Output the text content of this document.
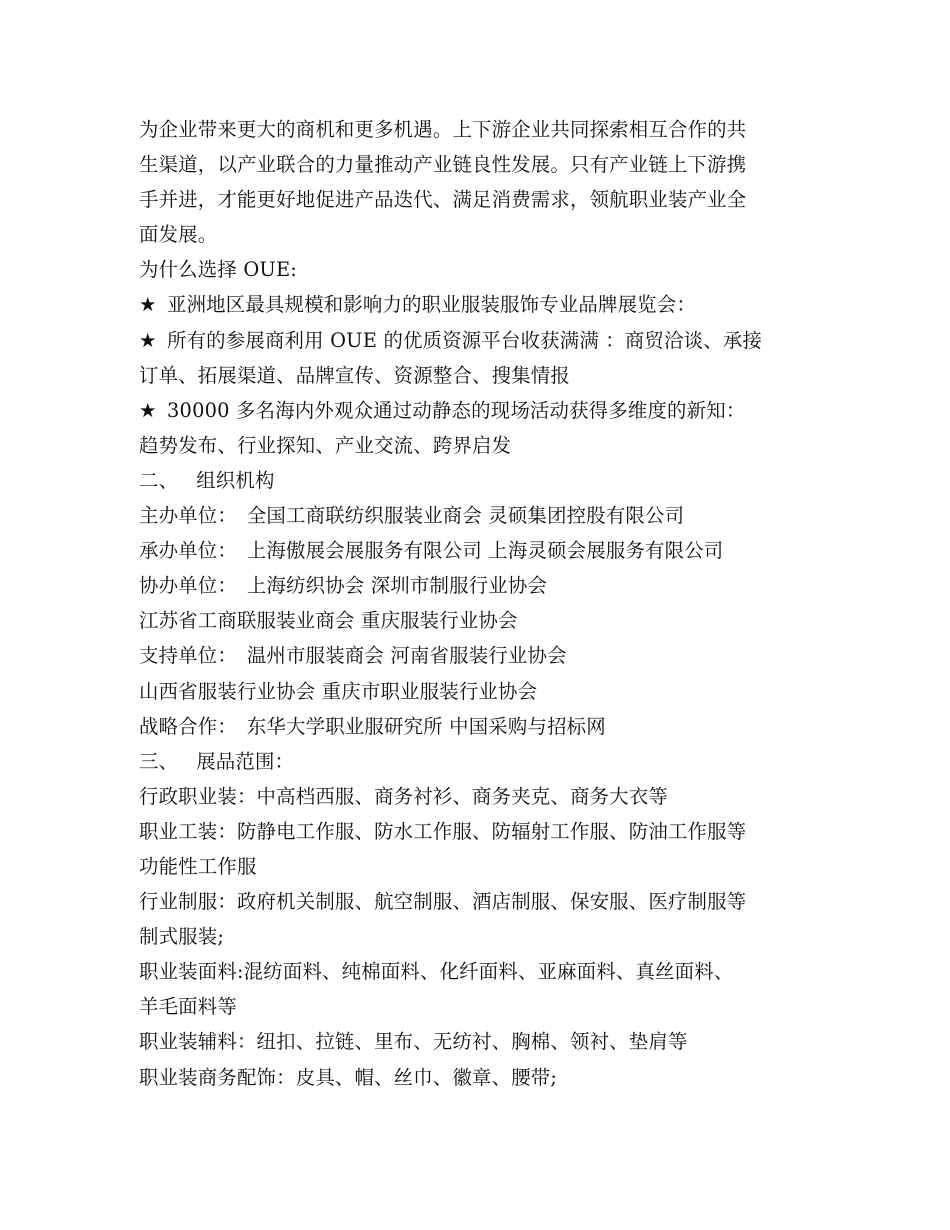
为企业带来更大的商机和更多机遇。上下游企业共同探索相互合作的共
生渠道，以产业联合的力量推动产业链良性发展。只有产业链上下游携
手并进，才能更好地促进产品迭代、满足消费需求，领航职业装产业全
面发展。
为什么选择 OUE:
★ 亚洲地区最具规模和影响力的职业服装服饰专业品牌展览会：
★ 所有的参展商利用 OUE 的优质资源平台收获满满 ：商贸洽谈、承接
订单、拓展渠道、品牌宣传、资源整合、搜集情报
★ 30000 多名海内外观众通过动静态的现场活动获得多维度的新知：
趋势发布、行业探知、产业交流、跨界启发
二、 组织机构
主办单位：　全国工商联纺织服装业商会 灵硕集团控股有限公司
承办单位：　上海傲展会展服务有限公司 上海灵硕会展服务有限公司
协办单位：　上海纺织协会 深圳市制服行业协会
江苏省工商联服装业商会 重庆服装行业协会
支持单位：　温州市服装商会 河南省服装行业协会
山西省服装行业协会 重庆市职业服装行业协会
战略合作：　东华大学职业服研究所 中国采购与招标网
三、 展品范围：
行政职业装：中高档西服、商务衬衫、商务夹克、商务大衣等
职业工装：防静电工作服、防水工作服、防辐射工作服、防油工作服等
功能性工作服
行业制服：政府机关制服、航空制服、酒店制服、保安服、医疗制服等
制式服装;
职业装面料:混纺面料、纯棉面料、化纤面料、亚麻面料、真丝面料、
羊毛面料等
职业装辅料：纽扣、拉链、里布、无纺衬、胸棉、领衬、垫肩等
职业装商务配饰：皮具、帽、丝巾、徽章、腰带;
